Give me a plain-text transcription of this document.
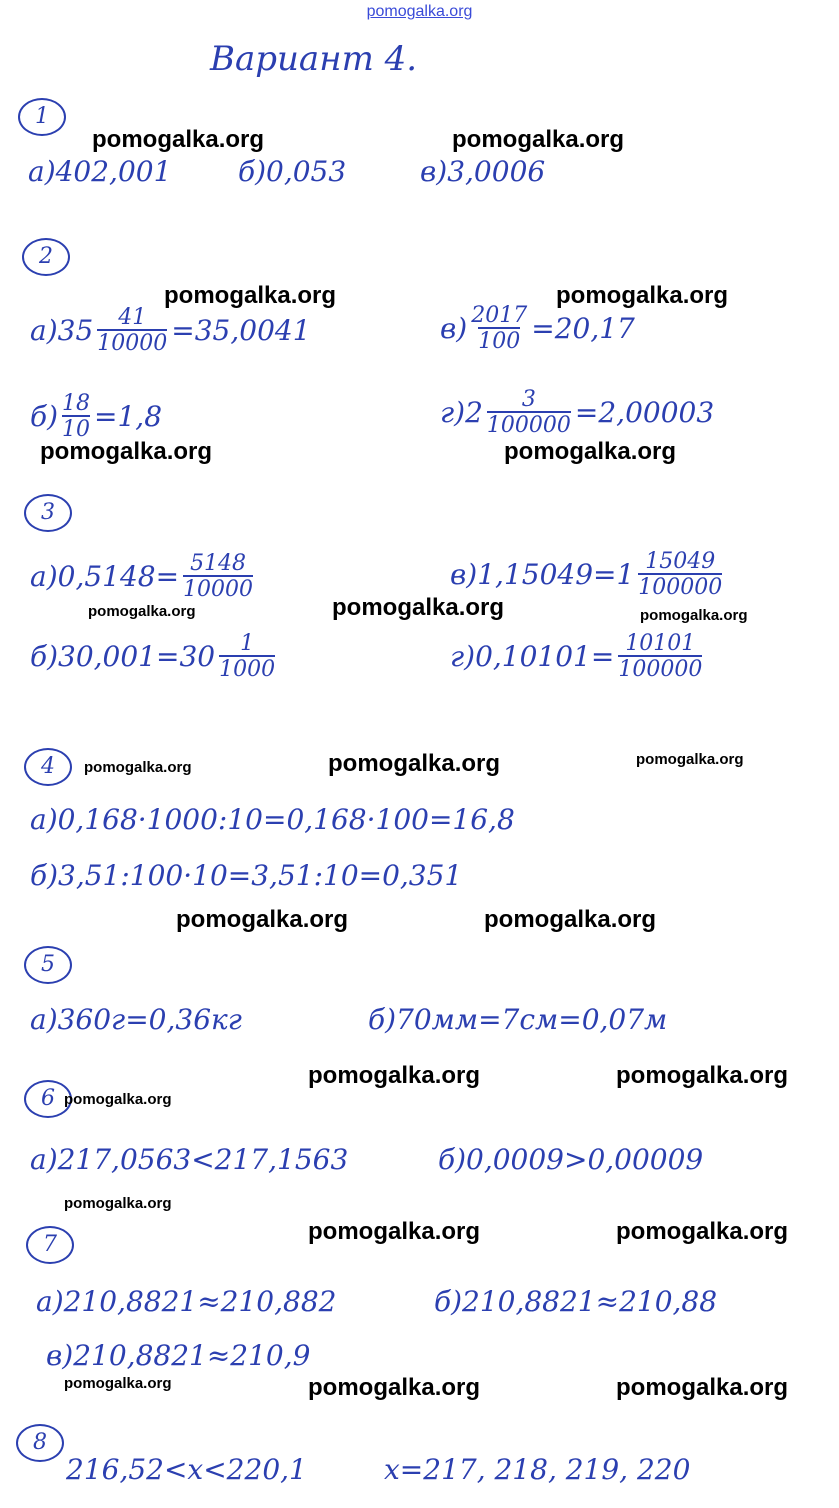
pomogalka.org
Вариант 4.
1
а)402,001 б)0,053	в)3,0006
2
а) $35 \frac{41}{10000} =35,0041$	$в) \frac{2017}{100} =20,17$
$б) \frac{18}{10} =1,8$	г) $2 \frac{3}{100000} =2,00003$
3
а) $0,5148= \frac{5148}{10000}$	в) $1,15049=1 \frac{15049}{100000}$
б) $30,001=30 \frac{1}{1000}$	г) $0,10101= \frac{10101}{100000}$
4
а)0,168·1000:10=0,168·100=16,8
б)3,51:100·10=3,51:10=0,351
5
а)360г=0,36кг	б)70мм=7см=0,07м
6
а)217,0563<217,1563	б)0,0009>0,00009
7
а)210,8821≈210,882	б)210,8821≈210,88
в)210,8821≈210,9
8
216,52<x<220,1	x=217, 218, 219, 220
pomogalka.org	pomogalka.org
pomogalka.org	pomogalka.org
pomogalka.org	pomogalka.org
pomogalka.org	pomogalka.org	pomogalka.org
pomogalka.org	pomogalka.org	pomogalka.org
pomogalka.org	pomogalka.org
pomogalka.org	pomogalka.org
pomogalka.org
pomogalka.org
pomogalka.org	pomogalka.org
pomogalka.org	pomogalka.org	pomogalka.org
